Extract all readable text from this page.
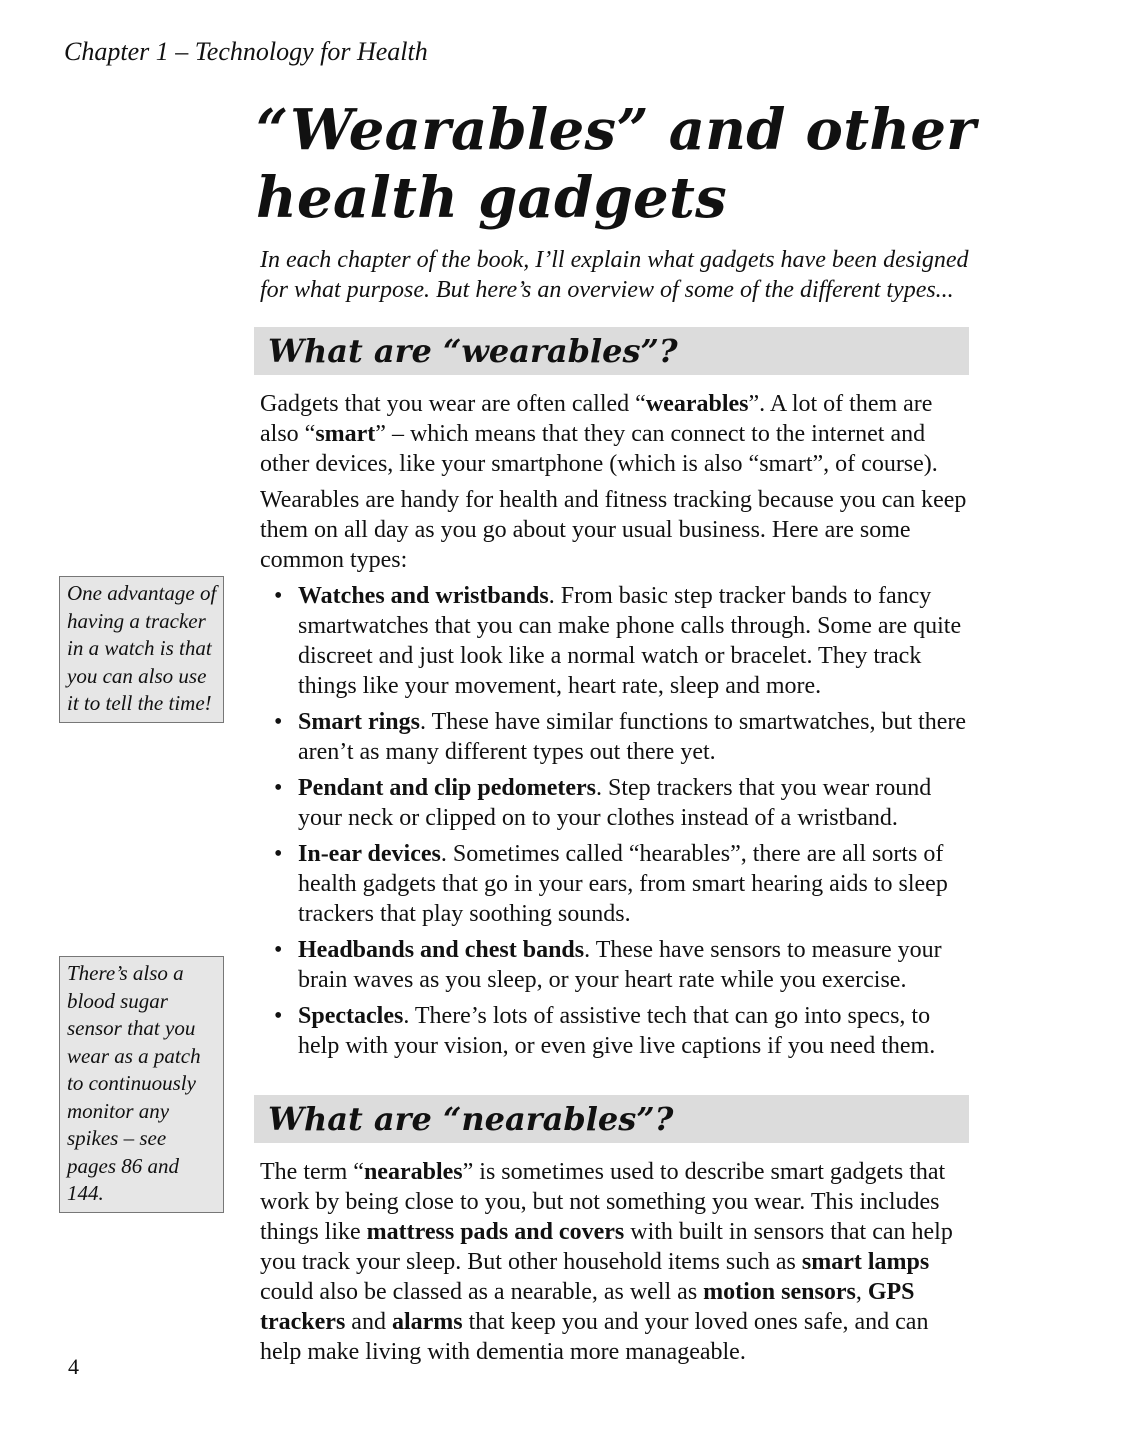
Chapter 1 – Technology for Health
“Wearables” and other health gadgets

In each chapter of the book, I’ll explain what gadgets have been designed for what purpose. But here’s an overview of some of the different types...

What are “wearables”?

Gadgets that you wear are often called “wearables”. A lot of them are also “smart” – which means that they can connect to the internet and other devices, like your smartphone (which is also “smart”, of course).

Wearables are handy for health and fitness tracking because you can keep them on all day as you go about your usual business. Here are some common types:

• Watches and wristbands. From basic step tracker bands to fancy smartwatches that you can make phone calls through. Some are quite discreet and just look like a normal watch or bracelet. They track things like your movement, heart rate, sleep and more.
• Smart rings. These have similar functions to smartwatches, but there aren’t as many different types out there yet.
• Pendant and clip pedometers. Step trackers that you wear round your neck or clipped on to your clothes instead of a wristband.
• In-ear devices. Sometimes called “hearables”, there are all sorts of health gadgets that go in your ears, from smart hearing aids to sleep trackers that play soothing sounds.
• Headbands and chest bands. These have sensors to measure your brain waves as you sleep, or your heart rate while you exercise.
• Spectacles. There’s lots of assistive tech that can go into specs, to help with your vision, or even give live captions if you need them.
What are “nearables”?

The term “nearables” is sometimes used to describe smart gadgets that work by being close to you, but not something you wear. This includes things like mattress pads and covers with built in sensors that can help you track your sleep. But other household items such as smart lamps could also be classed as a nearable, as well as motion sensors, GPS trackers and alarms that keep you and your loved ones safe, and can help make living with dementia more manageable.

One advantage of having a tracker in a watch is that you can also use it to tell the time!
There’s also a blood sugar sensor that you wear as a patch to continuously monitor any spikes – see pages 86 and 144.
4
